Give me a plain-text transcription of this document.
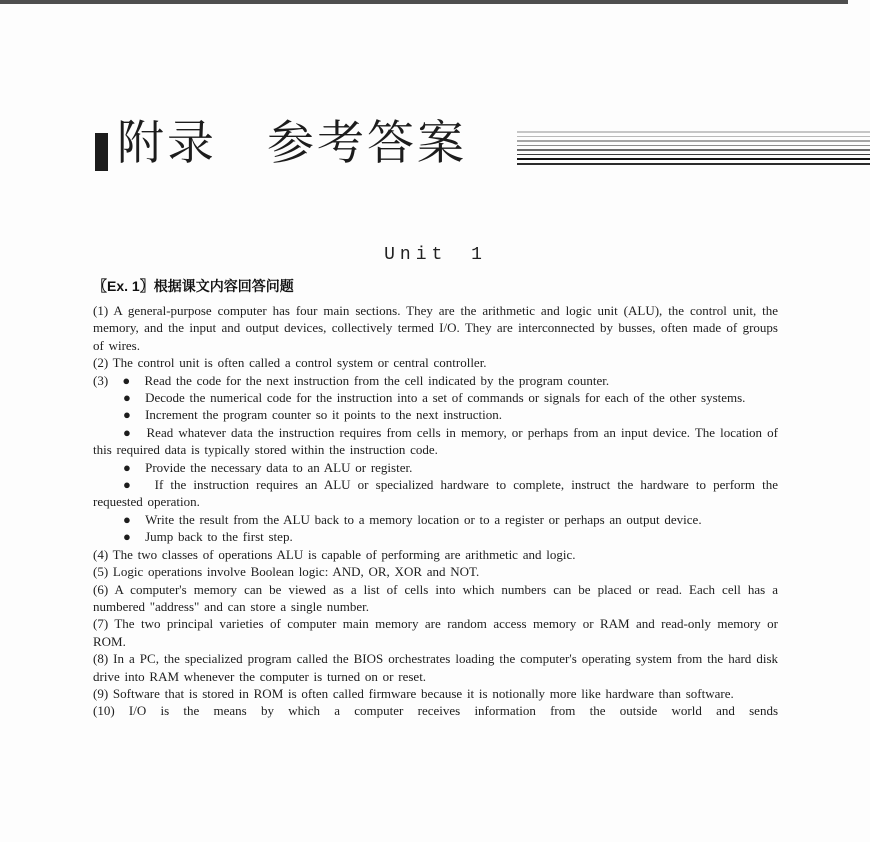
附录　参考答案
Unit 1
〖Ex. 1〗根据课文内容回答问题

(1) A general-purpose computer has four main sections. They are the arithmetic and logic unit (ALU), the control unit, the memory, and the input and output devices, collectively termed I/O. They are interconnected by busses, often made of groups of wires.

(2) The control unit is often called a control system or central controller.

(3)   ●   Read the code for the next instruction from the cell indicated by the program counter.

●   Decode the numerical code for the instruction into a set of commands or signals for each of the other systems.

●   Increment the program counter so it points to the next instruction.

●   Read whatever data the instruction requires from cells in memory, or perhaps from an input device. The location of this required data is typically stored within the instruction code.

●   Provide the necessary data to an ALU or register.

●   If the instruction requires an ALU or specialized hardware to complete, instruct the hardware to perform the requested operation.

●   Write the result from the ALU back to a memory location or to a register or perhaps an output device.

●   Jump back to the first step.

(4) The two classes of operations ALU is capable of performing are arithmetic and logic.

(5) Logic operations involve Boolean logic: AND, OR, XOR and NOT.

(6) A computer's memory can be viewed as a list of cells into which numbers can be placed or read. Each cell has a numbered "address" and can store a single number.

(7) The two principal varieties of computer main memory are random access memory or RAM and read-only memory or ROM.

(8) In a PC, the specialized program called the BIOS orchestrates loading the computer's operating system from the hard disk drive into RAM whenever the computer is turned on or reset.

(9) Software that is stored in ROM is often called firmware because it is notionally more like hardware than software.

(10) I/O is the means by which a computer receives information from the outside world and sends
